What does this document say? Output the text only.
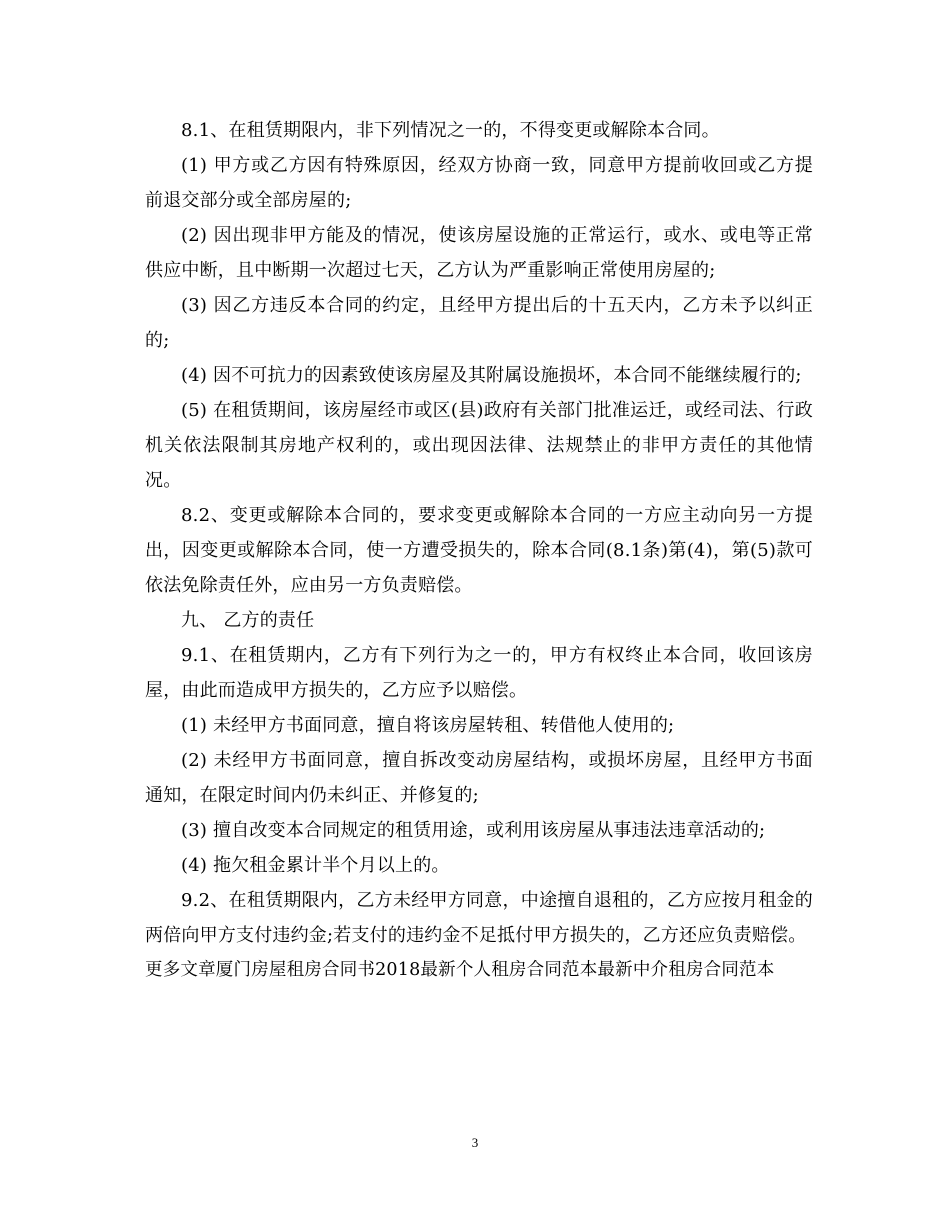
8.1、在租赁期限内，非下列情况之一的，不得变更或解除本合同。

(1) 甲方或乙方因有特殊原因，经双方协商一致，同意甲方提前收回或乙方提前退交部分或全部房屋的;

(2) 因出现非甲方能及的情况，使该房屋设施的正常运行，或水、或电等正常供应中断，且中断期一次超过七天，乙方认为严重影响正常使用房屋的;

(3) 因乙方违反本合同的约定，且经甲方提出后的十五天内，乙方未予以纠正的;

(4) 因不可抗力的因素致使该房屋及其附属设施损坏，本合同不能继续履行的;

(5) 在租赁期间，该房屋经市或区(县)政府有关部门批准运迁，或经司法、行政机关依法限制其房地产权利的，或出现因法律、法规禁止的非甲方责任的其他情况。

8.2、变更或解除本合同的，要求变更或解除本合同的一方应主动向另一方提出，因变更或解除本合同，使一方遭受损失的，除本合同(8.1条)第(4)，第(5)款可依法免除责任外，应由另一方负责赔偿。

九、 乙方的责任

9.1、在租赁期内，乙方有下列行为之一的，甲方有权终止本合同，收回该房屋，由此而造成甲方损失的，乙方应予以赔偿。

(1) 未经甲方书面同意，擅自将该房屋转租、转借他人使用的;

(2) 未经甲方书面同意，擅自拆改变动房屋结构，或损坏房屋，且经甲方书面通知，在限定时间内仍未纠正、并修复的;

(3) 擅自改变本合同规定的租赁用途，或利用该房屋从事违法违章活动的;

(4) 拖欠租金累计半个月以上的。

9.2、在租赁期限内，乙方未经甲方同意，中途擅自退租的，乙方应按月租金的两倍向甲方支付违约金;若支付的违约金不足抵付甲方损失的，乙方还应负责赔偿。

更多文章厦门房屋租房合同书2018最新个人租房合同范本最新中介租房合同范本

3
